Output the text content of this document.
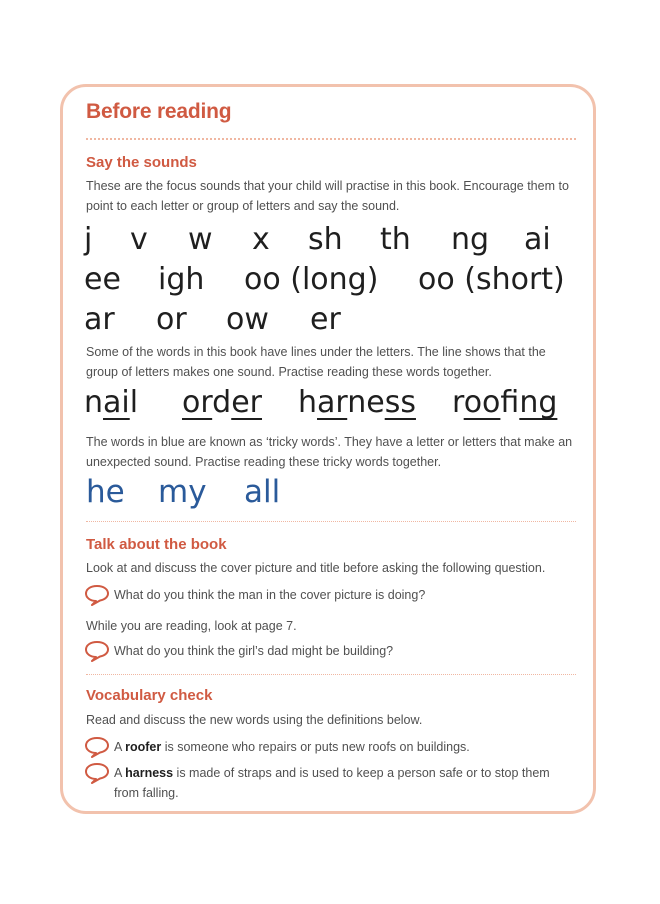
Before reading
Say the sounds

These are the focus sounds that your child will practise in this book. Encourage them to point to each letter or group of letters and say the sound.

j v w x sh th ng ai
ee igh oo (long) oo (short)
ar or ow er

Some of the words in this book have lines under the letters. The line shows that the group of letters makes one sound. Practise reading these words together.

nail order harness roofing

The words in blue are known as ‘tricky words’. They have a letter or letters that make an unexpected sound. Practise reading these tricky words together.

he my all
Talk about the book

Look at and discuss the cover picture and title before asking the following question.

What do you think the man in the cover picture is doing?

While you are reading, look at page 7.

What do you think the girl’s dad might be building?
Vocabulary check

Read and discuss the new words using the definitions below.

A roofer is someone who repairs or puts new roofs on buildings.
A harness is made of straps and is used to keep a person safe or to stop them
from falling.
